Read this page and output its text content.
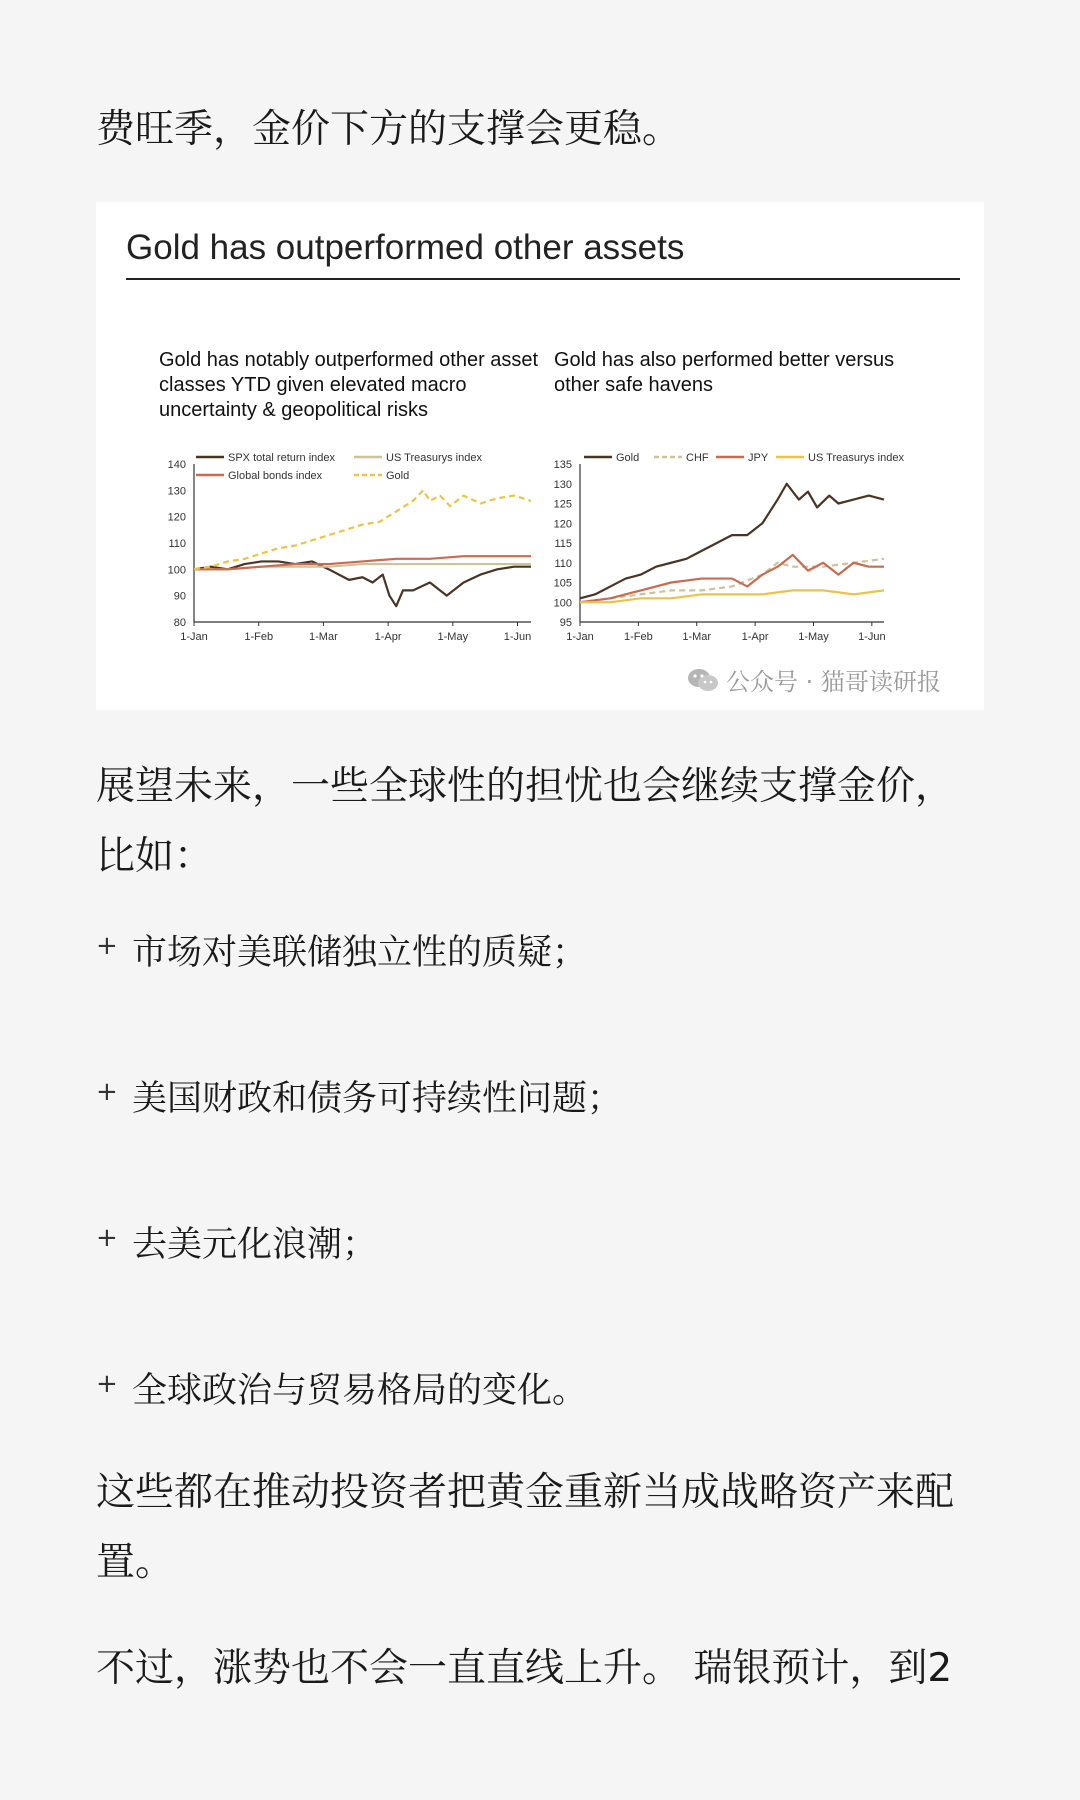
费旺季，金价下方的支撑会更稳。

Gold has outperformed other assets
Gold has notably outperformed other asset classes YTD given elevated macro uncertainty & geopolitical risks
Gold has also performed better versus other safe havens
80
90
100
110
120
130
140
1-Jan	1-Feb	1-Mar	1-Apr	1-May	1-Jun
SPX total return index	US Treasurys index
Global bonds index	Gold
95
100
105
110
115
120
125
130
135
1-Jan	1-Feb	1-Mar	1-Apr	1-May	1-Jun
Gold	CHF	JPY	US Treasurys index
公众号 · 猫哥读研报

展望未来，一些全球性的担忧也会继续支撑金价，比如：

+ 市场对美联储独立性的质疑；
+ 美国财政和债务可持续性问题；
+ 去美元化浪潮；
+ 全球政治与贸易格局的变化。

这些都在推动投资者把黄金重新当成战略资产来配置。

不过，涨势也不会一直直线上升。 瑞银预计，到2
